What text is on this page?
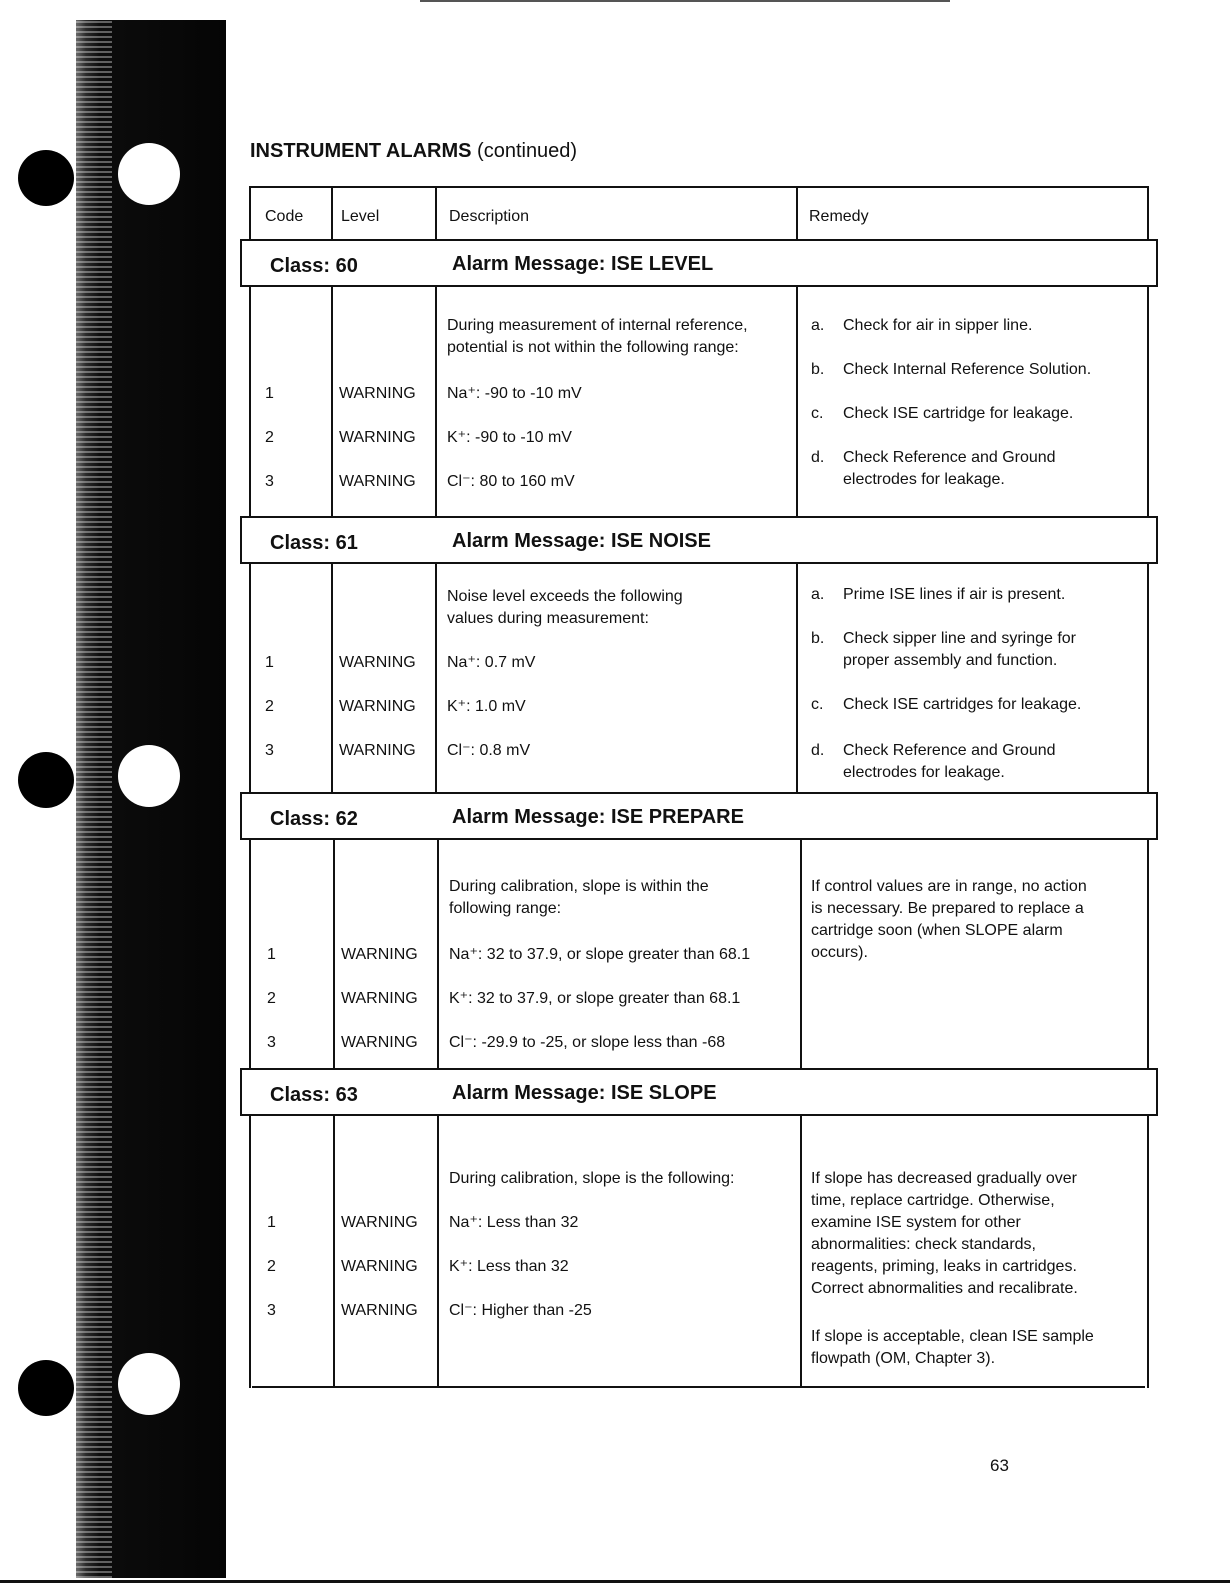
INSTRUMENT ALARMS (continued)
Code Level	Description	Remedy
Class: 60	Alarm Message: ISE LEVEL
During measurement of internal reference,
potential is not within the following range:
1	WARNING Na⁺: -90 to -10 mV
2	WARNING K⁺: -90 to -10 mV
3	WARNING Cl⁻: 80 to 160 mV
a. Check for air in sipper line.
b. Check Internal Reference Solution.
c. Check ISE cartridge for leakage.
d. Check Reference and Ground
electrodes for leakage.
Class: 61	Alarm Message: ISE NOISE
Noise level exceeds the following
values during measurement:
1	WARNING Na⁺: 0.7 mV
2	WARNING K⁺: 1.0 mV
3	WARNING Cl⁻: 0.8 mV
a. Prime ISE lines if air is present.
b. Check sipper line and syringe for
proper assembly and function.
c. Check ISE cartridges for leakage.
d. Check Reference and Ground
electrodes for leakage.
Class: 62	Alarm Message: ISE PREPARE
During calibration, slope is within the
following range:
1	WARNING Na⁺: 32 to 37.9, or slope greater than 68.1
2	WARNING K⁺: 32 to 37.9, or slope greater than 68.1
3	WARNING Cl⁻: -29.9 to -25, or slope less than -68
If control values are in range, no action
is necessary. Be prepared to replace a
cartridge soon (when SLOPE alarm
occurs).
Class: 63	Alarm Message: ISE SLOPE
During calibration, slope is the following:
1	WARNING Na⁺: Less than 32
2	WARNING K⁺: Less than 32
3	WARNING Cl⁻: Higher than -25
If slope has decreased gradually over
time, replace cartridge. Otherwise,
examine ISE system for other
abnormalities: check standards,
reagents, priming, leaks in cartridges.
Correct abnormalities and recalibrate.
If slope is acceptable, clean ISE sample
flowpath (OM, Chapter 3).
63
